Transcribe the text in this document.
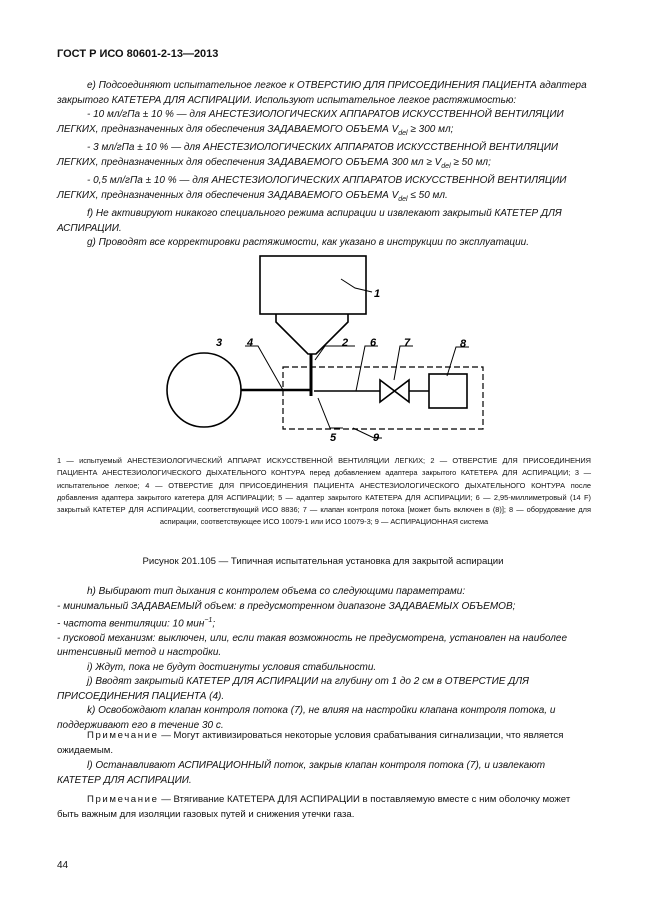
ГОСТ Р ИСО 80601-2-13—2013

e) Подсоединяют испытательное легкое к ОТВЕРСТИЮ ДЛЯ ПРИСОЕДИНЕНИЯ ПАЦИЕНТА адаптера закрытого КАТЕТЕРА ДЛЯ АСПИРАЦИИ. Используют испытательное легкое растяжимостью:

- 10 мл/гПа ± 10 % — для АНЕСТЕЗИОЛОГИЧЕСКИХ АППАРАТОВ ИСКУССТВЕННОЙ ВЕНТИЛЯЦИИ ЛЕГКИХ, предназначенных для обеспечения ЗАДАВАЕМОГО ОБЪЕМА $V_{del} \ge 300$ мл;

- 3 мл/гПа ± 10 % — для АНЕСТЕЗИОЛОГИЧЕСКИХ АППАРАТОВ ИСКУССТВЕННОЙ ВЕНТИЛЯЦИИ ЛЕГКИХ, предназначенных для обеспечения ЗАДАВАЕМОГО ОБЪЕМА 300 мл ≥ $V_{del} \ge 50$ мл;

- 0,5 мл/гПа ± 10 % — для АНЕСТЕЗИОЛОГИЧЕСКИХ АППАРАТОВ ИСКУССТВЕННОЙ ВЕНТИЛЯЦИИ ЛЕГКИХ, предназначенных для обеспечения ЗАДАВАЕМОГО ОБЪЕМА $V_{del} \le 50$ мл.

f) Не активируют никакого специального режима аспирации и извлекают закрытый КАТЕТЕР ДЛЯ АСПИРАЦИИ.

g) Проводят все корректировки растяжимости, как указано в инструкции по эксплуатации.

1
2
3 4
5
6	7	8
9
1 — испытуемый АНЕСТЕЗИОЛОГИЧЕСКИЙ АППАРАТ ИСКУССТВЕННОЙ ВЕНТИЛЯЦИИ ЛЕГКИХ; 2 — ОТВЕРСТИЕ ДЛЯ ПРИСОЕДИНЕНИЯ ПАЦИЕНТА АНЕСТЕЗИОЛОГИЧЕСКОГО ДЫХАТЕЛЬНОГО КОНТУРА перед добавлением адаптера закрытого КАТЕТЕРА ДЛЯ АСПИРАЦИИ; 3 — испытательное легкое; 4 — ОТВЕРСТИЕ ДЛЯ ПРИСОЕДИНЕНИЯ ПАЦИЕНТА АНЕСТЕЗИОЛОГИЧЕСКОГО ДЫХАТЕЛЬНОГО КОНТУРА после добавления адаптера закрытого катетера ДЛЯ АСПИРАЦИИ; 5 — адаптер закрытого КАТЕТЕРА ДЛЯ АСПИРАЦИИ; 6 — 2,95-миллиметровый (14 F) закрытый КАТЕТЕР ДЛЯ АСПИРАЦИИ, соответствующий ИСО 8836; 7 — клапан контроля потока [может быть включен в (8)]; 8 — оборудование для аспирации, соответствующее ИСО 10079-1 или ИСО 10079-3; 9 — АСПИРАЦИОННАЯ система
Рисунок 201.105 — Типичная испытательная установка для закрытой аспирации

h) Выбирают тип дыхания с контролем объема со следующими параметрами:

- минимальный ЗАДАВАЕМЫЙ объем: в предусмотренном диапазоне ЗАДАВАЕМЫХ ОБЪЕМОВ;

- частота вентиляции: 10 мин$^{-1}$;

- пусковой механизм: выключен, или, если такая возможность не предусмотрена, установлен на наиболее интенсивный метод и настройки.

i) Ждут, пока не будут достигнуты условия стабильности.

j) Вводят закрытый КАТЕТЕР ДЛЯ АСПИРАЦИИ на глубину от 1 до 2 см в ОТВЕРСТИЕ ДЛЯ ПРИСОЕДИНЕНИЯ ПАЦИЕНТА (4).

k) Освобождают клапан контроля потока (7), не влияя на настройки клапана контроля потока, и поддерживают его в течение 30 с.

Примечание — Могут активизироваться некоторые условия срабатывания сигнализации, что является ожидаемым.

l) Останавливают АСПИРАЦИОННЫЙ поток, закрыв клапан контроля потока (7), и извлекают КАТЕТЕР ДЛЯ АСПИРАЦИИ.

Примечание — Втягивание КАТЕТЕРА ДЛЯ АСПИРАЦИИ в поставляемую вместе с ним оболочку может быть важным для изоляции газовых путей и снижения утечки газа.
44
